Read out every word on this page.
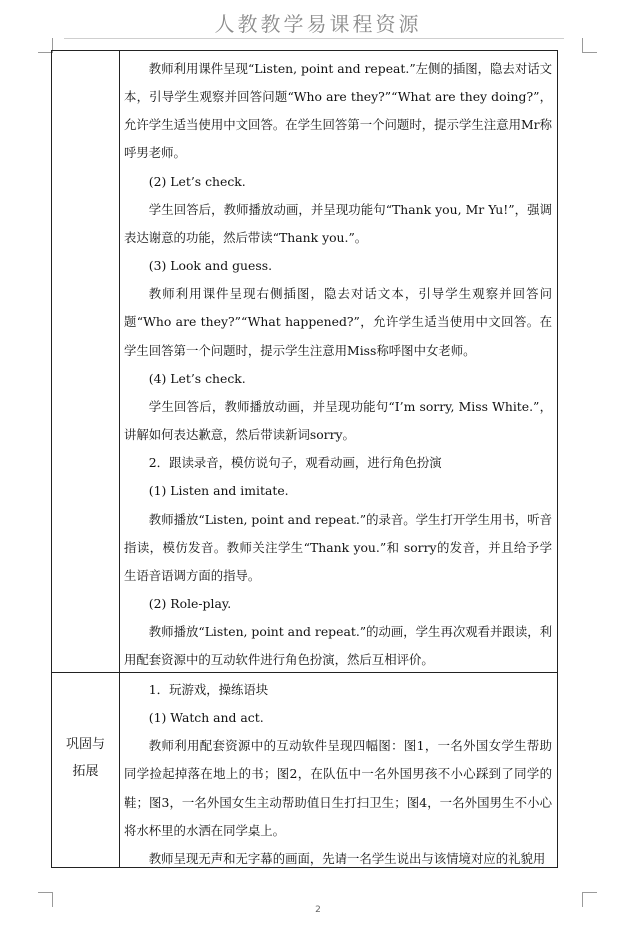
人教教学易课程资源

教师利用课件呈现“Listen, point and repeat.”左侧的插图，隐去对话文本，引导学生观察并回答问题“Who are they?”“What are they doing?”，允许学生适当使用中文回答。在学生回答第一个问题时，提示学生注意用Mr称呼男老师。

(2) Let’s check.

学生回答后，教师播放动画，并呈现功能句“Thank you, Mr Yu!”，强调表达谢意的功能，然后带读“Thank you.”。

(3) Look and guess.

教师利用课件呈现右侧插图，隐去对话文本，引导学生观察并回答问题“Who are they?”“What happened?”，允许学生适当使用中文回答。在学生回答第一个问题时，提示学生注意用Miss称呼图中女老师。

(4) Let’s check.

学生回答后，教师播放动画，并呈现功能句“I’m sorry, Miss White.”，讲解如何表达歉意，然后带读新词sorry。

2．跟读录音，模仿说句子，观看动画，进行角色扮演

(1) Listen and imitate.

教师播放“Listen, point and repeat.”的录音。学生打开学生用书，听音指读，模仿发音。教师关注学生“Thank you.”和 sorry的发音，并且给予学生语音语调方面的指导。

(2) Role-play.

教师播放“Listen, point and repeat.”的动画，学生再次观看并跟读，利用配套资源中的互动软件进行角色扮演，然后互相评价。

巩固与
拓展

1．玩游戏，操练语块

(1) Watch and act.

教师利用配套资源中的互动软件呈现四幅图：图1，一名外国女学生帮助同学捡起掉落在地上的书；图2，在队伍中一名外国男孩不小心踩到了同学的鞋；图3，一名外国女生主动帮助值日生打扫卫生；图4，一名外国男生不小心将水杯里的水洒在同学桌上。

教师呈现无声和无字幕的画面，先请一名学生说出与该情境对应的礼貌用

2
